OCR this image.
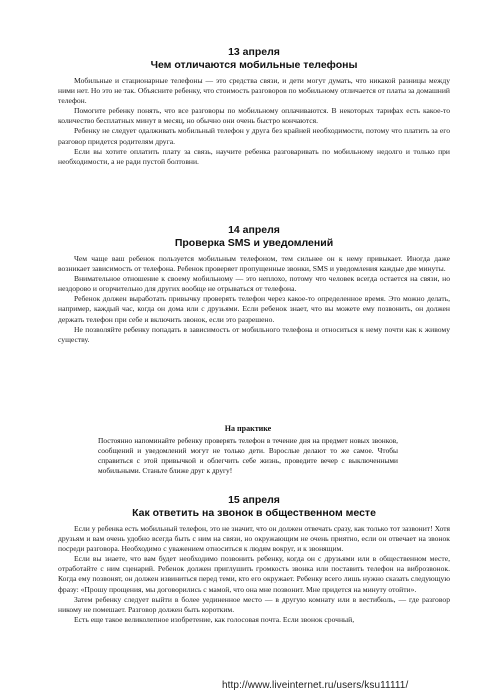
13 апреля

Чем отличаются мобильные телефоны

Мобильные и стационарные телефоны — это средства связи, и дети могут думать, что никакой разницы между ними нет. Но это не так. Объясните ребенку, что стоимость разговоров по мобильному отличается от платы за домашний телефон.

Помогите ребенку понять, что все разговоры по мобильному оплачиваются. В некоторых тарифах есть какое-то количество бесплатных минут в месяц, но обычно они очень быстро кончаются.

Ребенку не следует одалживать мобильный телефон у друга без крайней необходимости, потому что платить за его разговор придется родителям друга.

Если вы хотите оплатить плату за связь, научите ребенка разговаривать по мобильному недолго и только при необходимости, а не ради пустой болтовни.

14 апреля

Проверка SMS и уведомлений

Чем чаще ваш ребенок пользуется мобильным телефоном, тем сильнее он к нему привыкает. Иногда даже возникает зависимость от телефона. Ребенок проверяет пропущенные звонки, SMS и уведомления каждые две минуты.

Внимательное отношение к своему мобильному — это неплохо, потому что человек всегда остается на связи, но нездорово и огорчительно для других вообще не отрываться от телефона.

Ребенок должен выработать привычку проверять телефон через какое-то определенное время. Это можно делать, например, каждый час, когда он дома или с друзьями. Если ребенок знает, что вы можете ему позвонить, он должен держать телефон при себе и включить звонок, если это разрешено.

Не позволяйте ребенку попадать в зависимость от мобильного телефона и относиться к нему почти как к живому существу.

На практике

Постоянно напоминайте ребенку проверять телефон в течение дня на предмет новых звонков, сообщений и уведомлений могут не только дети. Взрослые делают то же самое. Чтобы справиться с этой привычкой и облегчить себе жизнь, проведите вечер с выключенными мобильными. Станьте ближе друг к другу!

15 апреля

Как ответить на звонок в общественном месте

Если у ребенка есть мобильный телефон, это не значит, что он должен отвечать сразу, как только тот зазвонит! Хотя друзьям и вам очень удобно всегда быть с ним на связи, но окружающим не очень приятно, если он отвечает на звонок посреди разговора. Необходимо с уважением относиться к людям вокруг, и к звонящим.

Если вы знаете, что вам будет необходимо позвонить ребенку, когда он с друзьями или в общественном месте, отработайте с ним сценарий. Ребенок должен приглушить громкость звонка или поставить телефон на виброзвонок. Когда ему позвонят, он должен извиниться перед теми, кто его окружает. Ребенку всего лишь нужно сказать следующую фразу: «Прошу прощения, мы договорились с мамой, что она мне позвонит. Мне придется на минуту отойти».

Затем ребенку следует выйти в более уединенное место — в другую комнату или в вестибюль, — где разговор никому не помешает. Разговор должен быть коротким.

Есть еще такое великолепное изобретение, как голосовая почта. Если звонок срочный,

http://www.liveinternet.ru/users/ksu11111/
